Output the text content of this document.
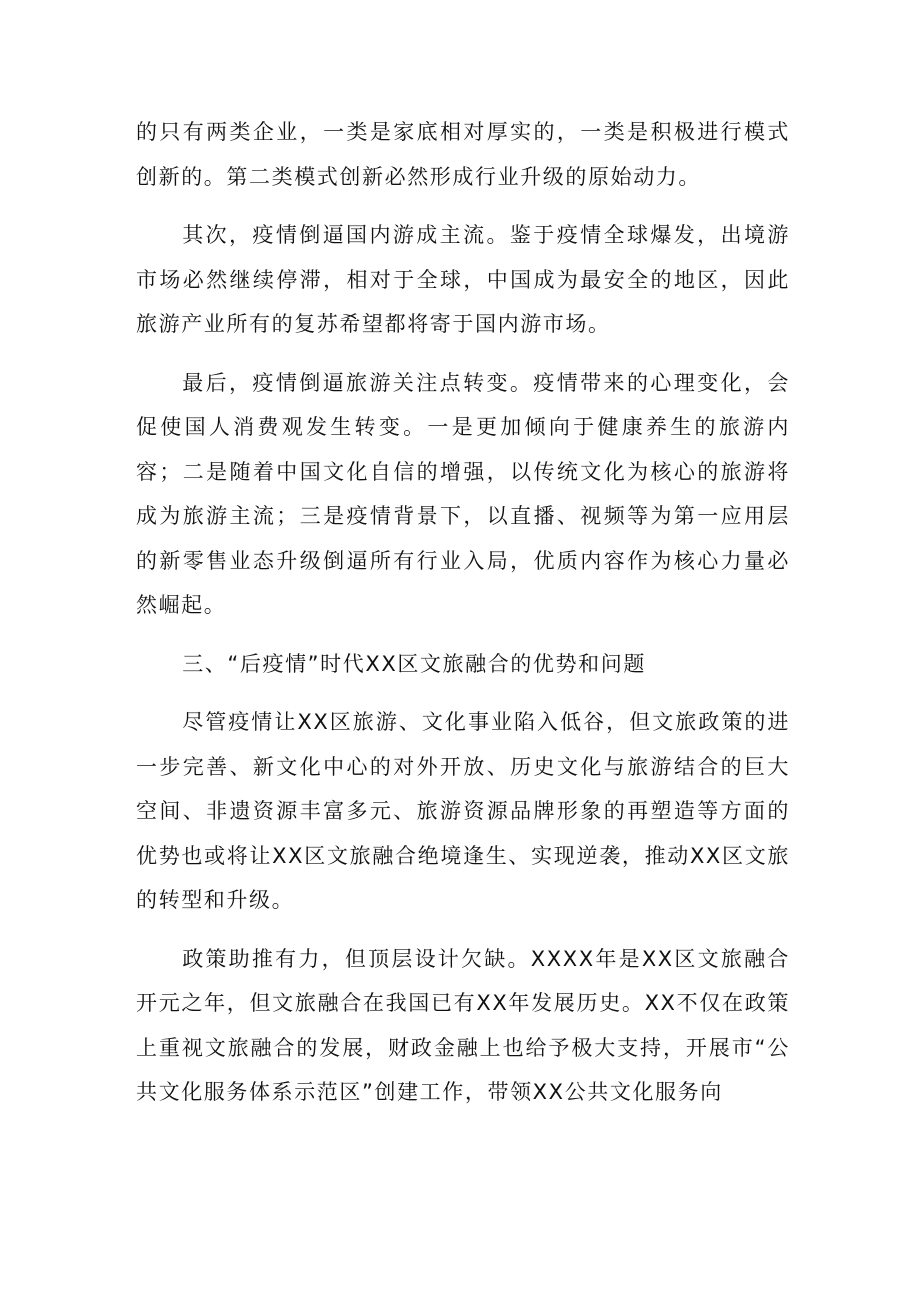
的只有两类企业，一类是家底相对厚实的，一类是积极进行模式创新的。第二类模式创新必然形成行业升级的原始动力。

其次，疫情倒逼国内游成主流。鉴于疫情全球爆发，出境游市场必然继续停滞，相对于全球，中国成为最安全的地区，因此旅游产业所有的复苏希望都将寄于国内游市场。

最后，疫情倒逼旅游关注点转变。疫情带来的心理变化，会促使国人消费观发生转变。一是更加倾向于健康养生的旅游内容；二是随着中国文化自信的增强，以传统文化为核心的旅游将成为旅游主流；三是疫情背景下，以直播、视频等为第一应用层的新零售业态升级倒逼所有行业入局，优质内容作为核心力量必然崛起。

三、“后疫情”时代XX区文旅融合的优势和问题

尽管疫情让XX区旅游、文化事业陷入低谷，但文旅政策的进一步完善、新文化中心的对外开放、历史文化与旅游结合的巨大空间、非遗资源丰富多元、旅游资源品牌形象的再塑造等方面的优势也或将让XX区文旅融合绝境逢生、实现逆袭，推动XX区文旅的转型和升级。

政策助推有力，但顶层设计欠缺。XXXX年是XX区文旅融合开元之年，但文旅融合在我国已有XX年发展历史。XX不仅在政策上重视文旅融合的发展，财政金融上也给予极大支持，开展市“公共文化服务体系示范区”创建工作，带领XX公共文化服务向
